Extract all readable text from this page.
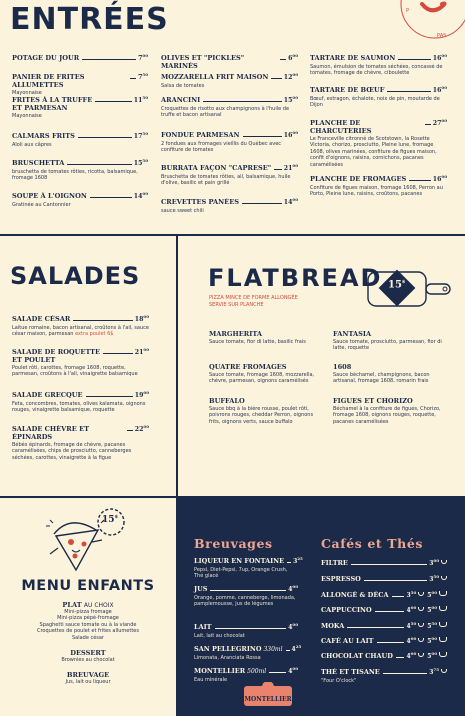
ENTRÉES	P
PAS
POTAGE DU JOUR	$7^{00}$
PANIER DE FRITES ALLUMETTES
$7^{50}$
Mayonnaise
FRITES À LA TRUFFE
ET PARMESAN
$11^{50}$
Mayonnaise
CALMARS FRITS	$17^{50}$
Aïoli aux câpres
BRUSCHETTA	$15^{50}$
bruschetta de tomates rôties, ricotta, balsamique, fromage 1608
SOUPE À L'OIGNON	$14^{00}$
Gratinée au Cantonnier
OLIVES ET "PICKLES" MARINÉS
$6^{00}$
MOZZARELLA FRIT MAISON $12^{00}$
Salsa de tomates
ARANCINI	$15^{00}$
Croquettes de risotto aux champignons à l'huile de truffe et bacon artisanal
FONDUE PARMESAN	$16^{00}$
2 fondues aux fromages vieillis du Québec avec confiture de tomates
BURRATA FAÇON "CAPRESE" $21^{00}$
Bruschetta de tomates rôties, ail, balsamique, huile d'olive, basilic et pain grillé
CREVETTES PANÉES	$14^{00}$
sauce sweet chili
TARTARE DE SAUMON	$16^{00}$
Saumon, émulsion de tomates séchées, concassé de tomates, fromage de chèvre, ciboulette
TARTARE DE BŒUF	$16^{00}$
Bœuf, estragon, échalote, noix de pin, moutarde de Dijon
PLANCHE DE CHARCUTERIES
$27^{00}$
Le Franceville citronné de Scotstown, la Rosette Victoria, chorizo, prosciutto, Pleine lune, fromage 1608, olives marinées, confiture de figues maison, confit d'oignons, raisins, cornichons, pacanes caramélisées
PLANCHE DE FROMAGES	$16^{00}$
Confiture de figues maison, fromage 1608, Perron au Porto, Pleine lune, raisins, croûtons, pacanes
SALADES
SALADE CÉSAR	$18^{00}$
Laitue romaine, bacon artisanal, croûtons à l'ail, sauce césar maison, parmesan extra poulet 6$
SALADE DE ROQUETTE
ET POULET
$21^{00}$
Poulet rôti, carottes, fromage 1608, roquette, parmesan, croûtons à l'ail, vinaigrette balsamique
SALADE GRECQUE	$19^{00}$
Feta, concombres, tomates, olives kalamata, oignons rouges, vinaigrette balsamique, roquette
SALADE CHÈVRE ET ÉPINARDS
$22^{00}$
Bébés épinards, fromage de chèvre, pacanes caramélisées, chips de prosciutto, canneberges séchées, carottes, vinaigrette à la figue
FLATBREAD
PIZZA MINCE DE FORME ALLONGÉE
SERVIE SUR PLANCHE
15$
MARGHERITA
Sauce tomate, fior di latte, basilic frais
FANTASIA
Sauce tomate, prosciutto, parmesan, fior di latte, roquette
QUATRE FROMAGES
Sauce tomate, fromage 1608, mozzarella, chèvre, parmesan, oignons caramélisés
1608
Sauce béchamel, champignons, bacon artisanal, fromage 1608, romarin frais
BUFFALO
Sauce bbq à la bière rousse, poulet rôti, poivrons rouges, cheddar Perron, oignons frits, oignons verts, sauce buffalo
FIGUES ET CHORIZO
Béchamel à la confiture de figues, Chorizo, fromage 1608, oignons rouges, roquette, pacanes caramélisées
15$
MENU ENFANTS
PLAT AU CHOIX
Mini-pizza fromage
Mini-pizza pépé-fromage
Spaghetti sauce tomate ou à la viande
Croquettes de poulet et frites allumettes
Salade césar
DESSERT
Brownies au chocolat
BREUVAGE
Jus, lait ou liqueur
Breuvages	Cafés et Thés
LIQUEUR EN FONTAINE $3^{25}$
Pepsi, Diet-Pepsi, 7up, Orange Crush, Thé glacé
JUS	$4^{00}$
Orange, pomme, canneberge, limonada, pamplemousse, jus de légumes
LAIT	$4^{00}$
Lait, lait au chocolat
SAN PELLEGRINO 330ml $4^{25}$
Limonata, Aranciata Rossa
MONTELLIER 500ml	$4^{00}$
Eau minérale
FILTRE	$3^{00}$
ESPRESSO	$3^{50}$
ALLONGÉ & DÉCA	$3^{50}$ $5^{00}$
CAPPUCCINO	$4^{00}$ $5^{00}$
MOKA	$4^{50}$ $5^{50}$
CAFÉ AU LAIT	$4^{00}$ $5^{00}$
CHOCOLAT CHAUD $4^{00}$ $5^{00}$
THÉ ET TISANE	$3^{75}$
"Four O'clock"
MONTELLIER
